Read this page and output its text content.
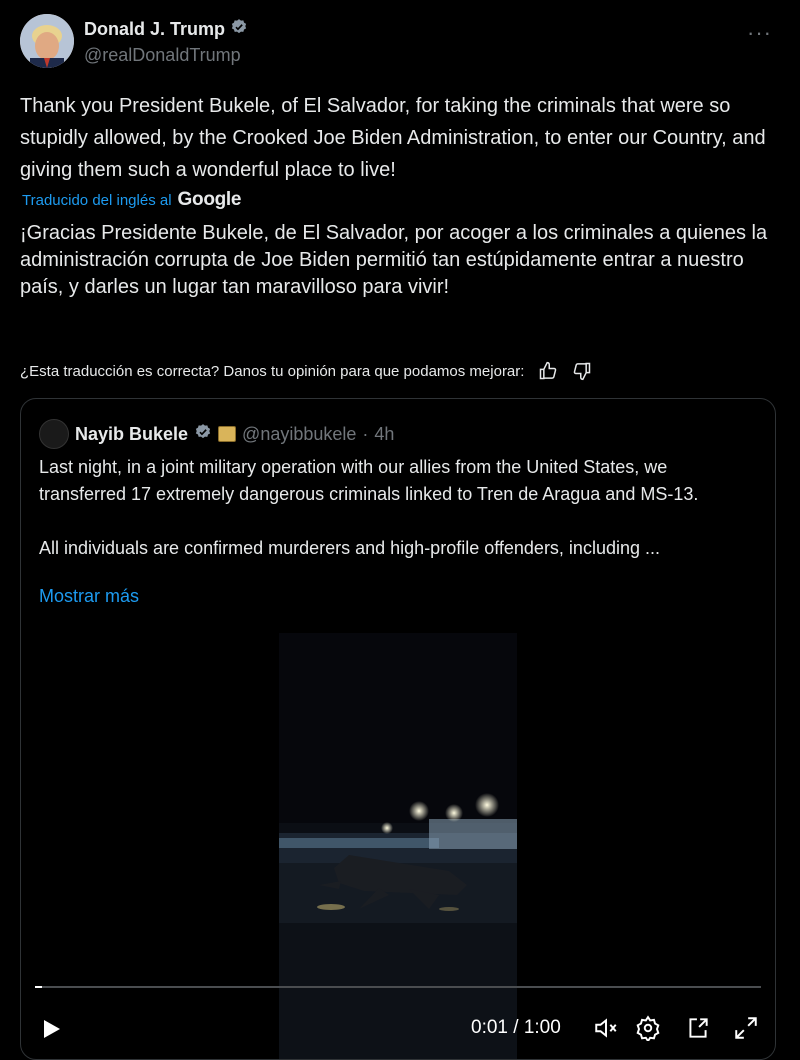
Donald J. Trump
@realDonaldTrump
···
Thank you President Bukele, of El Salvador, for taking the criminals that were so stupidly allowed, by the Crooked Joe Biden Administration, to enter our Country, and giving them such a wonderful place to live!
Traducido del inglés al Google
¡Gracias Presidente Bukele, de El Salvador, por acoger a los criminales a quienes la administración corrupta de Joe Biden permitió tan estúpidamente entrar a nuestro país, y darles un lugar tan maravilloso para vivir!
¿Esta traducción es correcta? Danos tu opinión para que podamos mejorar:
Nayib Bukele	@nayibbukele · 4h

Last night, in a joint military operation with our allies from the United States, we transferred 17 extremely dangerous criminals linked to Tren de Aragua and MS-13.

All individuals are confirmed murderers and high-profile offenders, including ...

Mostrar más
0:01 / 1:00
